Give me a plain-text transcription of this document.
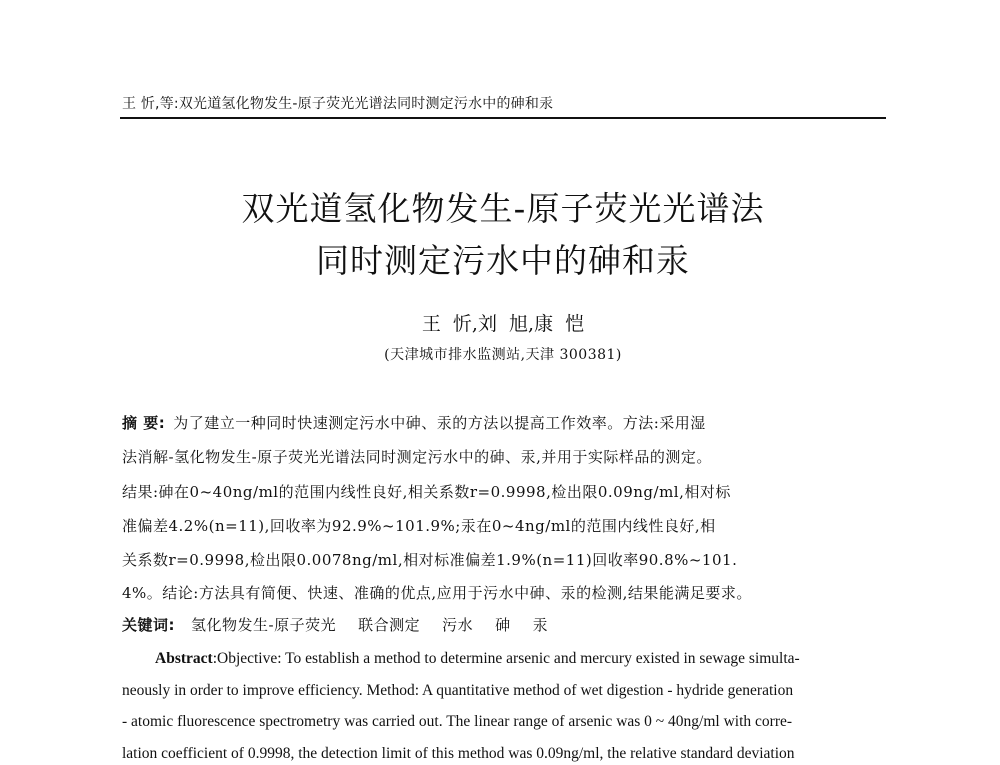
王 忻,等:双光道氢化物发生-原子荧光光谱法同时测定污水中的砷和汞
双光道氢化物发生-原子荧光光谱法
同时测定污水中的砷和汞
王  忻,刘  旭,康  恺
(天津城市排水监测站,天津 300381)
摘 要: 为了建立一种同时快速测定污水中砷、汞的方法以提高工作效率。方法:采用湿
法消解-氢化物发生-原子荧光光谱法同时测定污水中的砷、汞,并用于实际样品的测定。
结果:砷在0~40ng/ml的范围内线性良好,相关系数r=0.9998,检出限0.09ng/ml,相对标
准偏差4.2%(n=11),回收率为92.9%~101.9%;汞在0~4ng/ml的范围内线性良好,相
关系数r=0.9998,检出限0.0078ng/ml,相对标准偏差1.9%(n=11)回收率90.8%~101.
4%。结论:方法具有简便、快速、准确的优点,应用于污水中砷、汞的检测,结果能满足要求。
关键词: 氢化物发生-原子荧光 联合测定 污水 砷 汞
Abstract:Objective: To establish a method to determine arsenic and mercury existed in sewage simulta-
neously in order to improve efficiency. Method: A quantitative method of wet digestion - hydride generation
- atomic fluorescence spectrometry was carried out. The linear range of arsenic was 0 ~ 40ng/ml with corre-
lation coefficient of 0.9998, the detection limit of this method was 0.09ng/ml, the relative standard deviation
